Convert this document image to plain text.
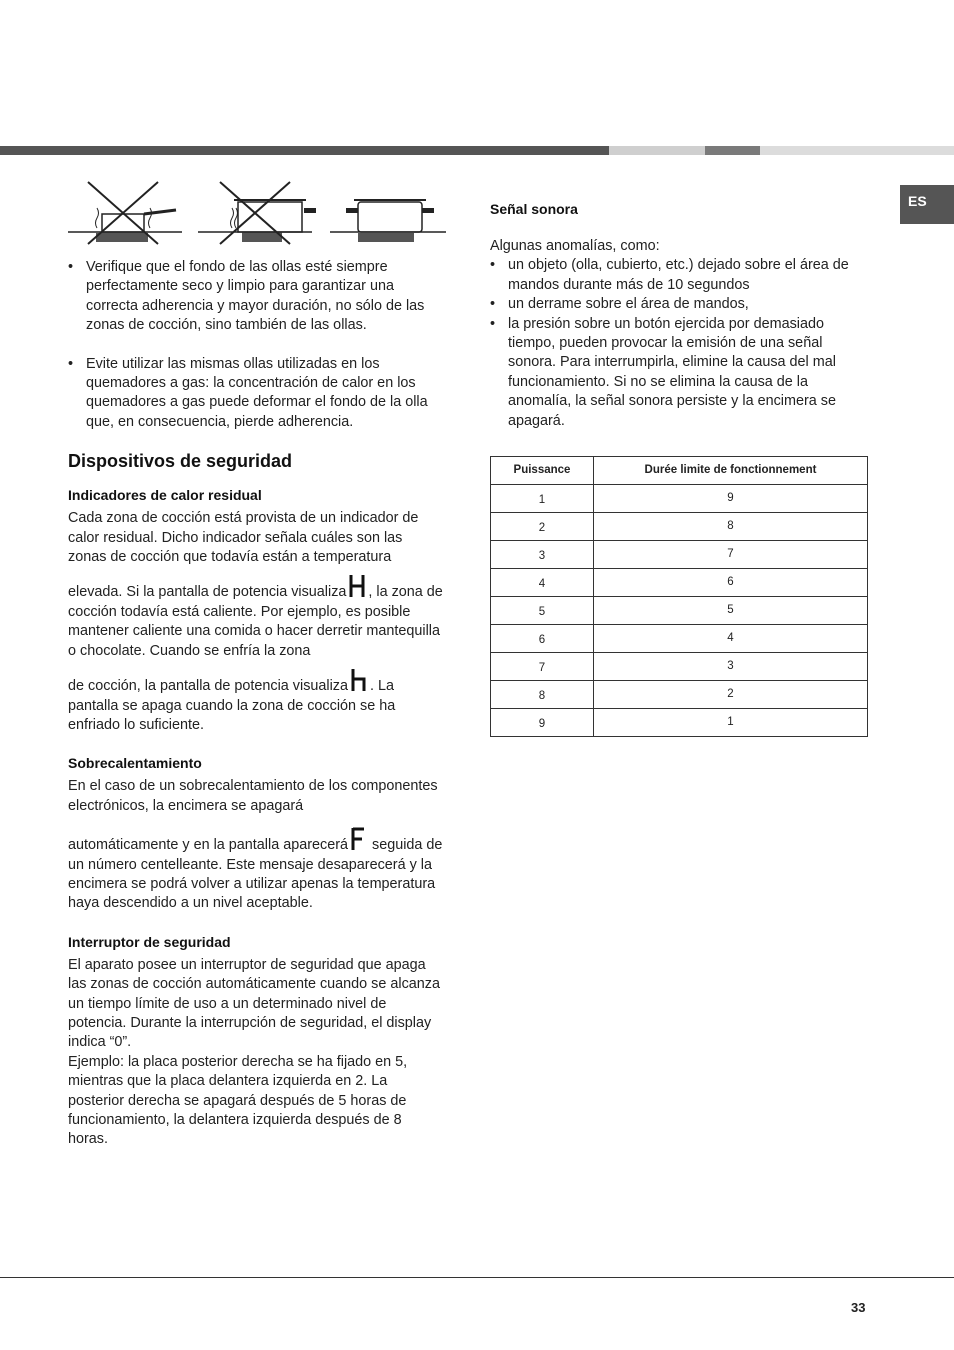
ES
• Verifique que el fondo de las ollas esté siempre perfectamente seco y limpio para garantizar una correcta adherencia y mayor duración, no sólo de las zonas de cocción, sino también de las ollas.
• Evite utilizar las mismas ollas utilizadas en los quemadores a gas: la concentración de calor en los quemadores a gas puede deformar el fondo de la olla que, en consecuencia, pierde adherencia.
Dispositivos de seguridad
Indicadores de calor residual

Cada zona de cocción está provista de un indicador de calor residual. Dicho indicador señala cuáles son las zonas de cocción que todavía están a temperatura

elevada. Si la pantalla de potencia visualiza , la zona de cocción todavía está caliente. Por ejemplo, es posible mantener caliente una comida o hacer derretir mantequilla o chocolate. Cuando se enfría la zona

de cocción, la pantalla de potencia visualiza . La pantalla se apaga cuando la zona de cocción se ha enfriado lo suficiente.

Sobrecalentamiento

En el caso de un sobrecalentamiento de los componentes electrónicos, la encimera se apagará

automáticamente y en la pantalla aparecerá seguida de un número centelleante. Este mensaje desaparecerá y la encimera se podrá volver a utilizar apenas la temperatura haya descendido a un nivel aceptable.

Interruptor de seguridad

El aparato posee un interruptor de seguridad que apaga las zonas de cocción automáticamente cuando se alcanza un tiempo límite de uso a un determinado nivel de potencia. Durante la interrupción de seguridad, el display indica “0”.

Ejemplo: la placa posterior derecha se ha fijado en 5, mientras que la placa delantera izquierda en 2. La posterior derecha se apagará después de 5 horas de funcionamiento, la delantera izquierda después de 8 horas.

Señal sonora

Algunas anomalías, como:

• un objeto (olla, cubierto, etc.) dejado sobre el área de mandos durante más de 10 segundos
• un derrame sobre el área de mandos,
• la presión sobre un botón ejercida por demasiado tiempo, pueden provocar la emisión de una señal sonora. Para interrumpirla, elimine la causa del mal funcionamiento. Si no se elimina la causa de la anomalía, la señal sonora persiste y la encimera se apagará.
Puissance	Durée limite de fonctionnement
1	9
2	8
3	7
4	6
5	5
6	4
7	3
8	2
9	1
33
